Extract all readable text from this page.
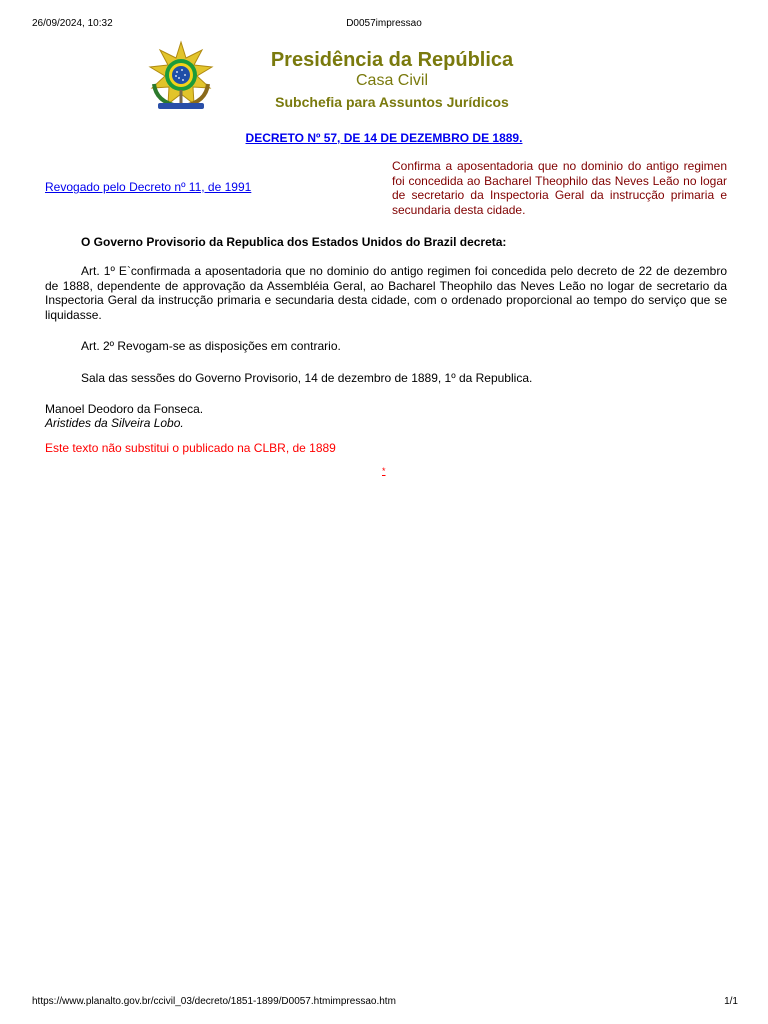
26/09/2024, 10:32	D0057impressao
Presidência da República
Casa Civil
Subchefia para Assuntos Jurídicos
DECRETO Nº 57, DE 14 DE DEZEMBRO DE 1889.
Revogado pelo Decreto nº 11, de 1991
Confirma a aposentadoria que no dominio do antigo regimen foi concedida ao Bacharel Theophilo das Neves Leão no logar de secretario da Inspectoria Geral da instrucção primaria e secundaria desta cidade.
O Governo Provisorio da Republica dos Estados Unidos do Brazil decreta:
Art. 1º E`confirmada a aposentadoria que no dominio do antigo regimen foi concedida pelo decreto de 22 de dezembro de 1888, dependente de approvação da Assembléia Geral, ao Bacharel Theophilo das Neves Leão no logar de secretario da Inspectoria Geral da instrucção primaria e secundaria desta cidade, com o ordenado proporcional ao tempo do serviço que se liquidasse.
Art. 2º Revogam-se as disposições em contrario.
Sala das sessões do Governo Provisorio, 14 de dezembro de 1889, 1º da Republica.
Manoel Deodoro da Fonseca.
Aristides da Silveira Lobo.
Este texto não substitui o publicado na CLBR, de 1889
*
https://www.planalto.gov.br/ccivil_03/decreto/1851-1899/D0057.htmimpressao.htm	1/1
